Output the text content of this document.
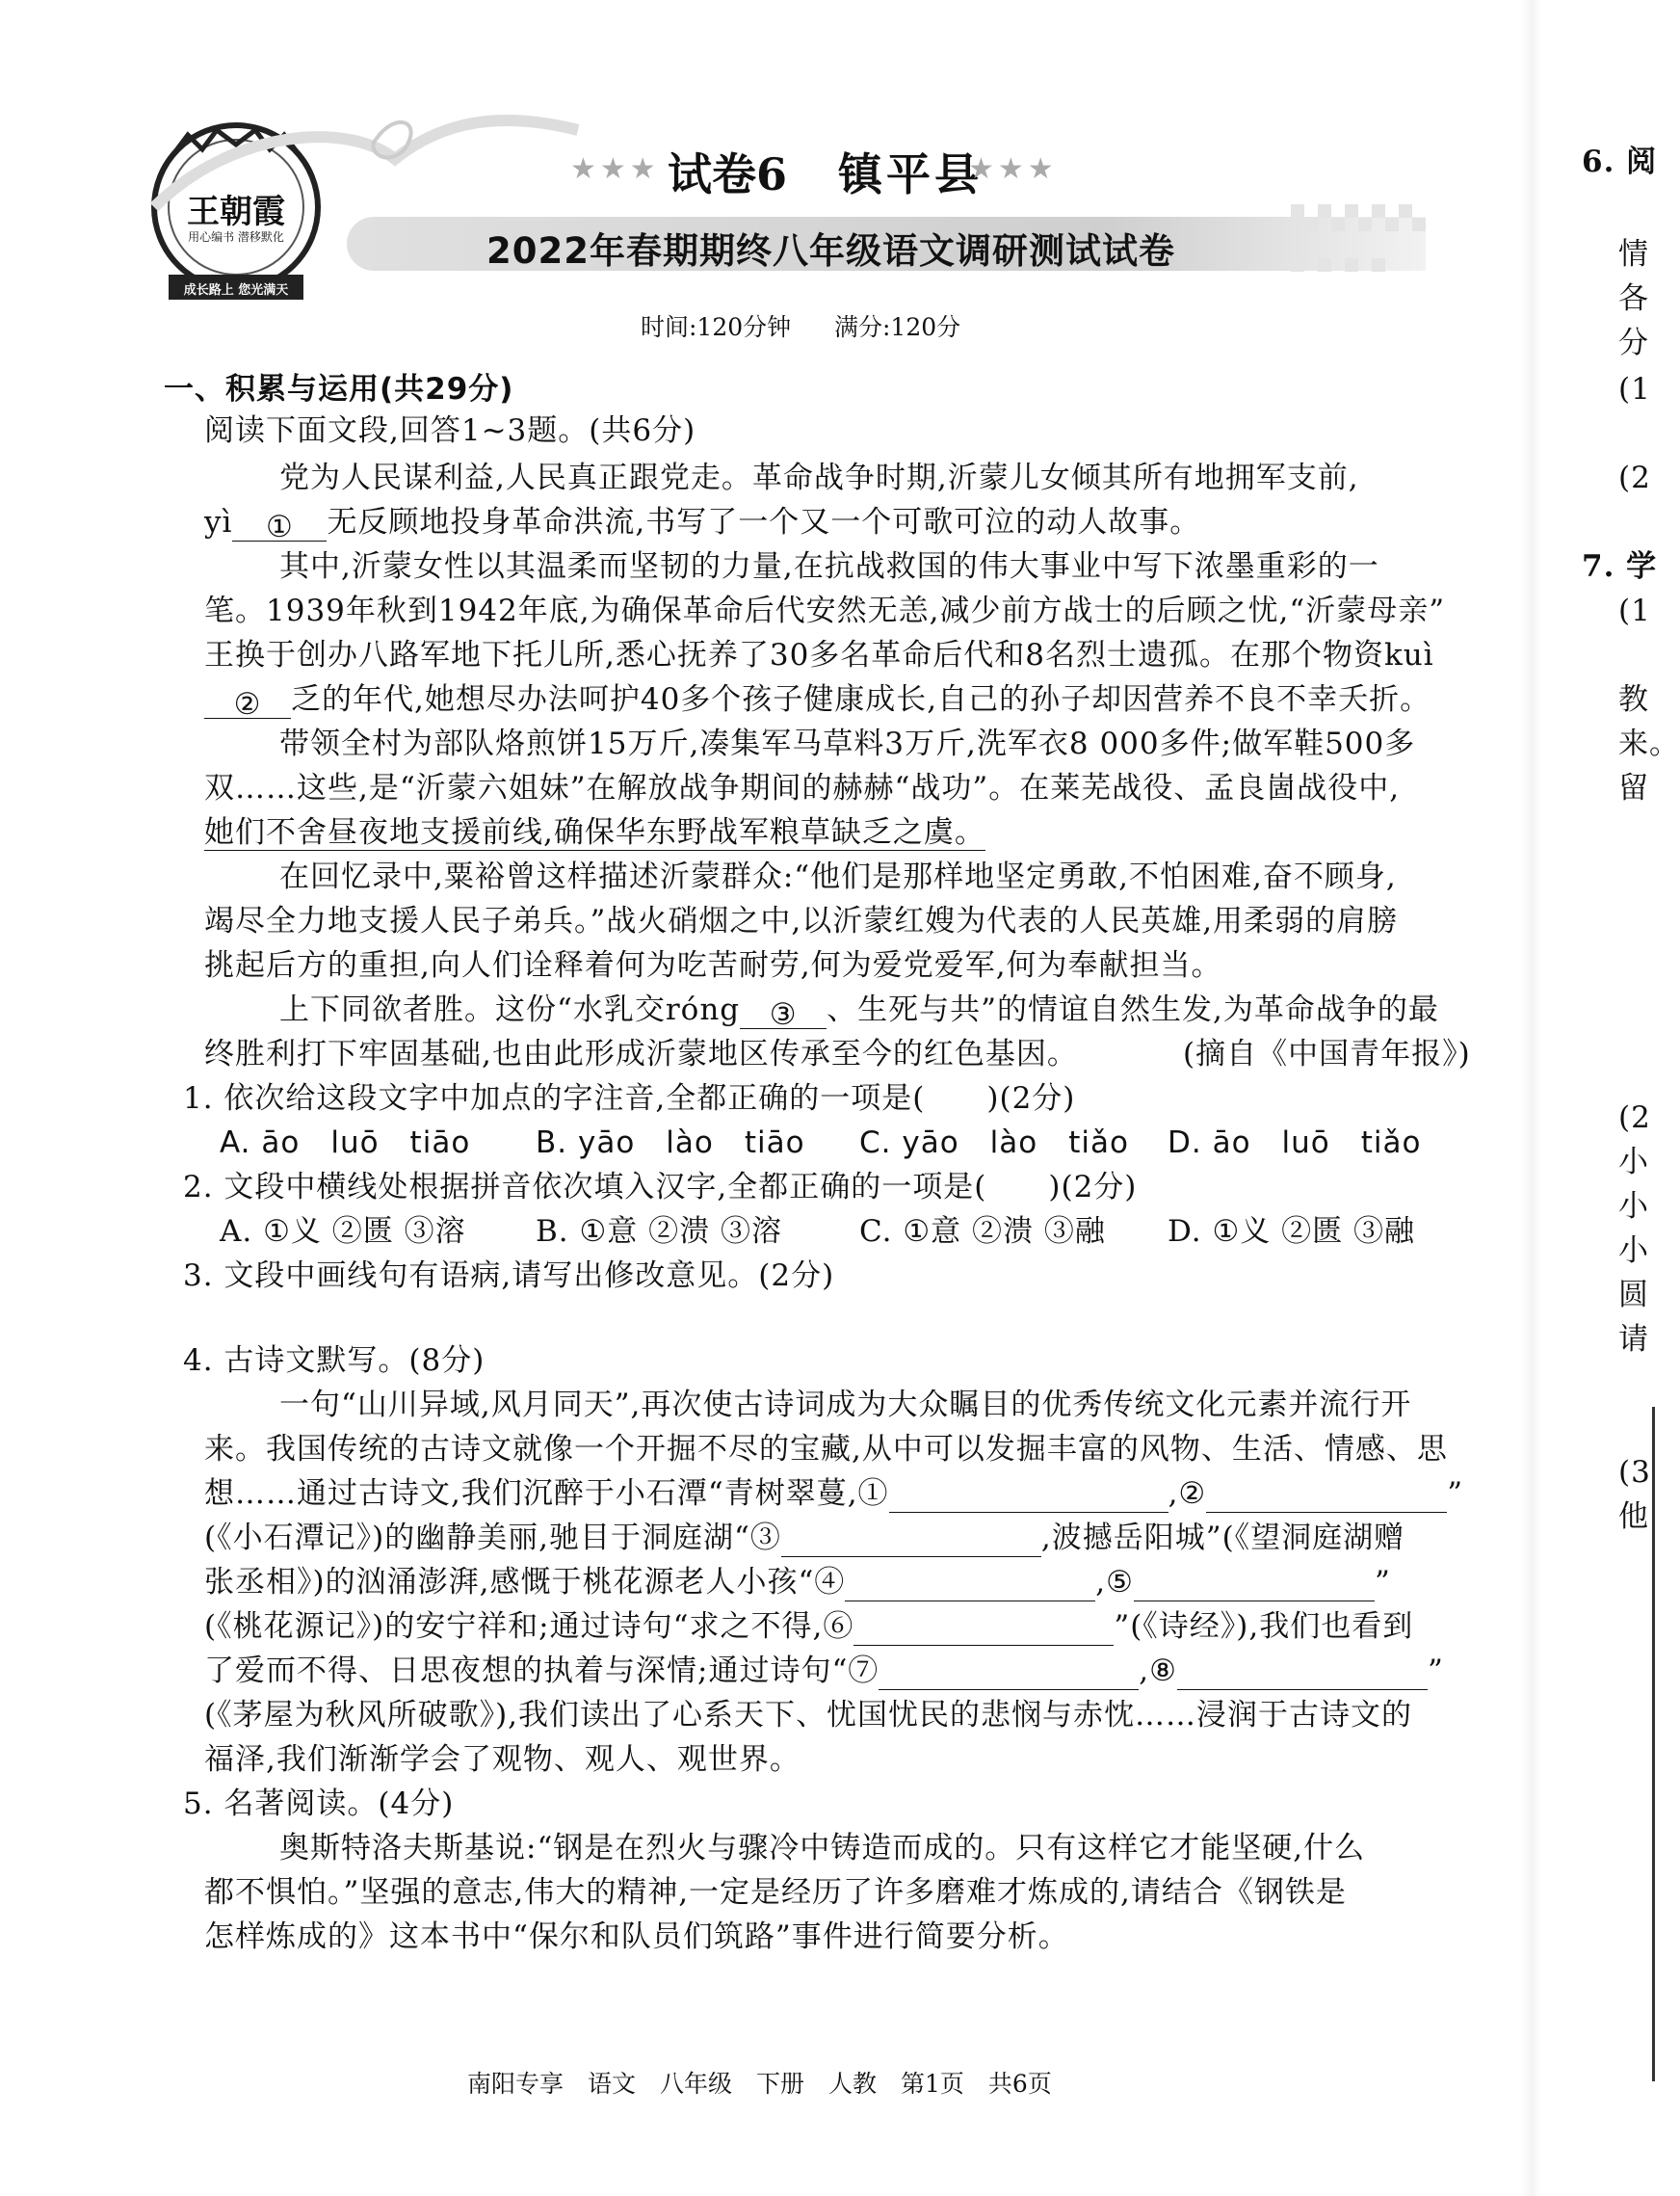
王朝霞
用心编书 潜移默化
成长路上 您光满天
★★★ 试卷6 镇平县
★★★
2022年春期期终八年级语文调研测试试卷
时间:120分钟 满分:120分
一、积累与运用(共29分)
阅读下面文段,回答1~3题。(共6分)
党为人民谋利益,人民真正跟党走。革命战争时期,沂蒙儿女倾其所有地拥军支前,
yì ① 无反顾地投身革命洪流,书写了一个又一个可歌可泣的动人故事。
其中,沂蒙女性以其温柔而坚韧的力量,在抗战救国的伟大事业中写下浓墨重彩的一
笔。1939年秋到1942年底,为确保革命后代安然无恙,减少前方战士的后顾之忧,“沂蒙母亲”
王换于创办八路军地下托儿所,悉心抚养了30多名革命后代和8名烈士遗孤。在那个物资kuì
② 乏的年代,她想尽办法呵护40多个孩子健康成长,自己的孙子却因营养不良不幸夭折。
带领全村为部队烙煎饼15万斤,凑集军马草料3万斤,洗军衣8 000多件;做军鞋500多
双……这些,是“沂蒙六姐妹”在解放战争期间的赫赫“战功”。在莱芜战役、孟良崮战役中,
她们不舍昼夜地支援前线,确保华东野战军粮草缺乏之虞。
在回忆录中,粟裕曾这样描述沂蒙群众:“他们是那样地坚定勇敢,不怕困难,奋不顾身,
竭尽全力地支援人民子弟兵。”战火硝烟之中,以沂蒙红嫂为代表的人民英雄,用柔弱的肩膀
挑起后方的重担,向人们诠释着何为吃苦耐劳,何为爱党爱军,何为奉献担当。
上下同欲者胜。这份“水乳交róng ③ 、生死与共”的情谊自然生发,为革命战争的最
终胜利打下牢固基础,也由此形成沂蒙地区传承至今的红色基因。	(摘自《中国青年报》)
1. 依次给这段文字中加点的字注音,全都正确的一项是(　　)(2分)
A. āo　luō　tiāo B. yāo　lào　tiāo C. yāo　lào　tiǎo D. āo　luō　tiǎo
2. 文段中横线处根据拼音依次填入汉字,全都正确的一项是(　　)(2分)
A. ①义 ②匮 ③溶 B. ①意 ②溃 ③溶	C. ①意 ②溃 ③融 D. ①义 ②匮 ③融
3. 文段中画线句有语病,请写出修改意见。(2分)
4. 古诗文默写。(8分)
一句“山川异域,风月同天”,再次使古诗词成为大众瞩目的优秀传统文化元素并流行开
来。我国传统的古诗文就像一个开掘不尽的宝藏,从中可以发掘丰富的风物、生活、情感、思
想……通过古诗文,我们沉醉于小石潭“青树翠蔓,①	,②	”
(《小石潭记》)的幽静美丽,驰目于洞庭湖“③	,波撼岳阳城”(《望洞庭湖赠
张丞相》)的汹涌澎湃,感慨于桃花源老人小孩“④	,⑤	”
(《桃花源记》)的安宁祥和;通过诗句“求之不得,⑥	”(《诗经》),我们也看到
了爱而不得、日思夜想的执着与深情;通过诗句“⑦	,⑧	”
(《茅屋为秋风所破歌》),我们读出了心系天下、忧国忧民的悲悯与赤忱……浸润于古诗文的
福泽,我们渐渐学会了观物、观人、观世界。
5. 名著阅读。(4分)
奥斯特洛夫斯基说:“钢是在烈火与骤冷中铸造而成的。只有这样它才能坚硬,什么
都不惧怕。”坚强的意志,伟大的精神,一定是经历了许多磨难才炼成的,请结合《钢铁是
怎样炼成的》这本书中“保尔和队员们筑路”事件进行简要分析。
南阳专享　语文　八年级　下册　人教　第1页　共6页
6. 阅
情
各
分
(1
(2
7. 学
(1
教
来。
留
(2
小
小
小
圆
请
(3
他
